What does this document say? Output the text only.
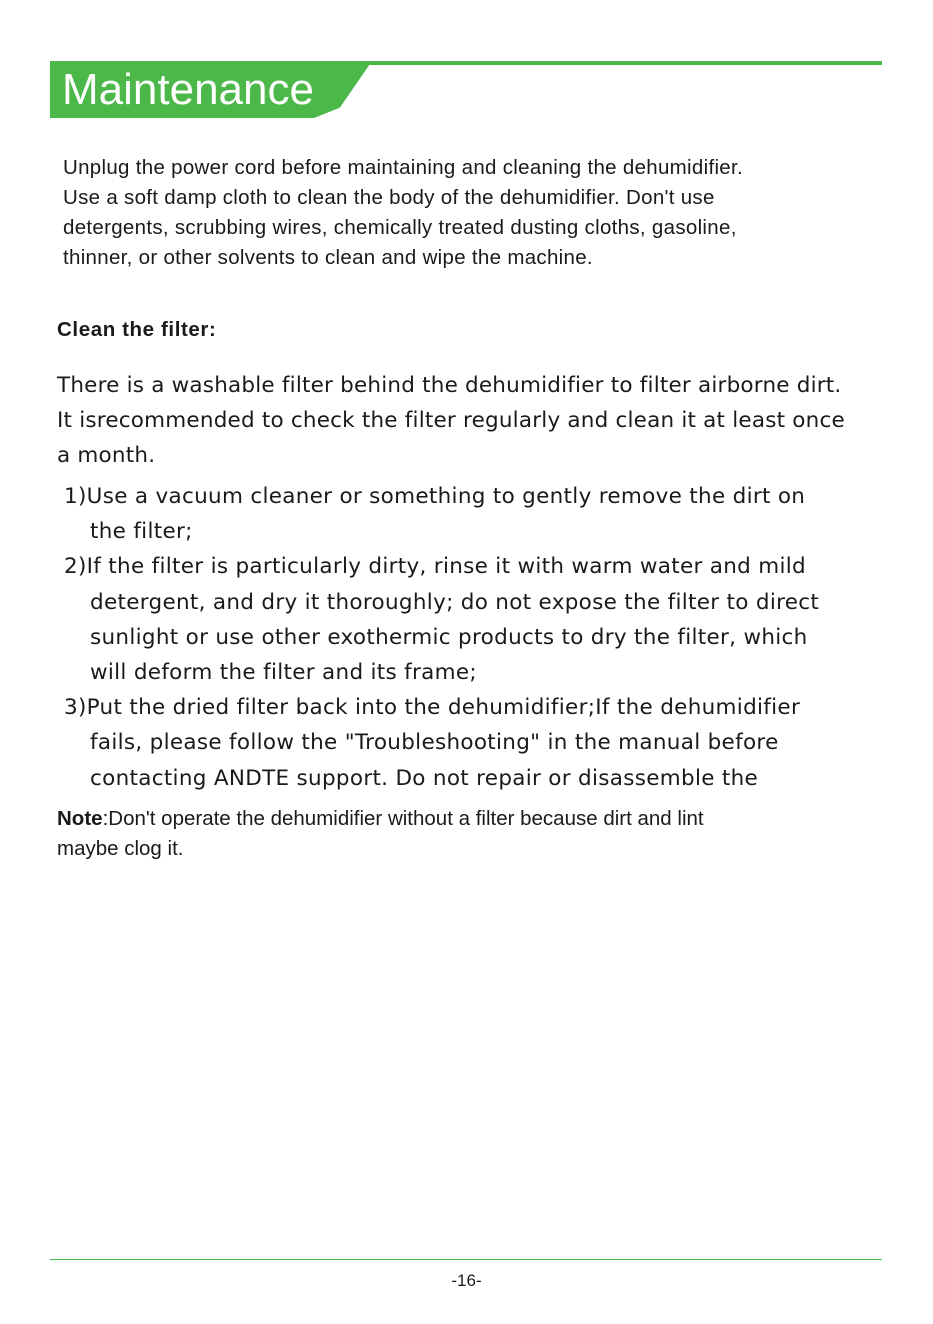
Maintenance
Unplug the power cord before maintaining and cleaning the dehumidifier.
Use a soft damp cloth to clean the body of the dehumidifier. Don't use
detergents, scrubbing wires, chemically treated dusting cloths, gasoline,
thinner, or other solvents to clean and wipe the machine.
Clean the filter:
There is a washable filter behind the dehumidifier to filter airborne dirt.
It isrecommended to check the filter regularly and clean it at least once
a month.
1)Use a vacuum cleaner or something to gently remove the dirt on
the filter;
2)If the filter is particularly dirty, rinse it with warm water and mild
detergent, and dry it thoroughly; do not expose the filter to direct
sunlight or use other exothermic products to dry the filter, which
will deform the filter and its frame;
3)Put the dried filter back into the dehumidifier;If the dehumidifier
fails, please follow the "Troubleshooting" in the manual before
contacting ANDTE support. Do not repair or disassemble the
Note:Don't operate the dehumidifier without a filter because dirt and lint
maybe clog it.
-16-
